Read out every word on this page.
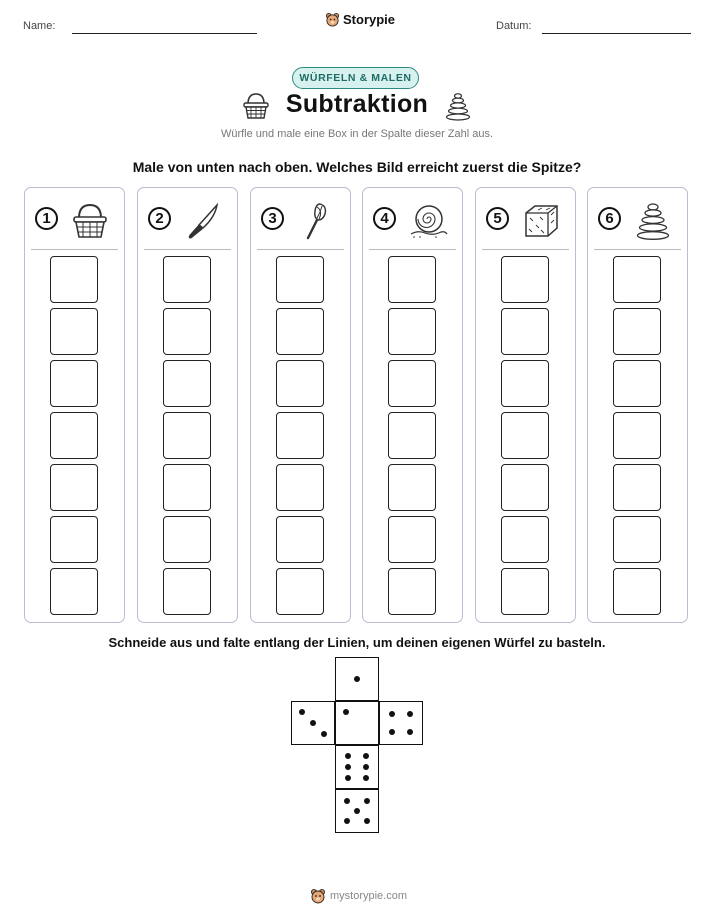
Name:	Storypie	Datum:
WÜRFELN & MALEN
Subtraktion
Würfle und male eine Box in der Spalte dieser Zahl aus.
Male von unten nach oben. Welches Bild erreicht zuerst die Spitze?
1	2	3	4	5	6
Schneide aus und falte entlang der Linien, um deinen eigenen Würfel zu basteln.
mystorypie.com
